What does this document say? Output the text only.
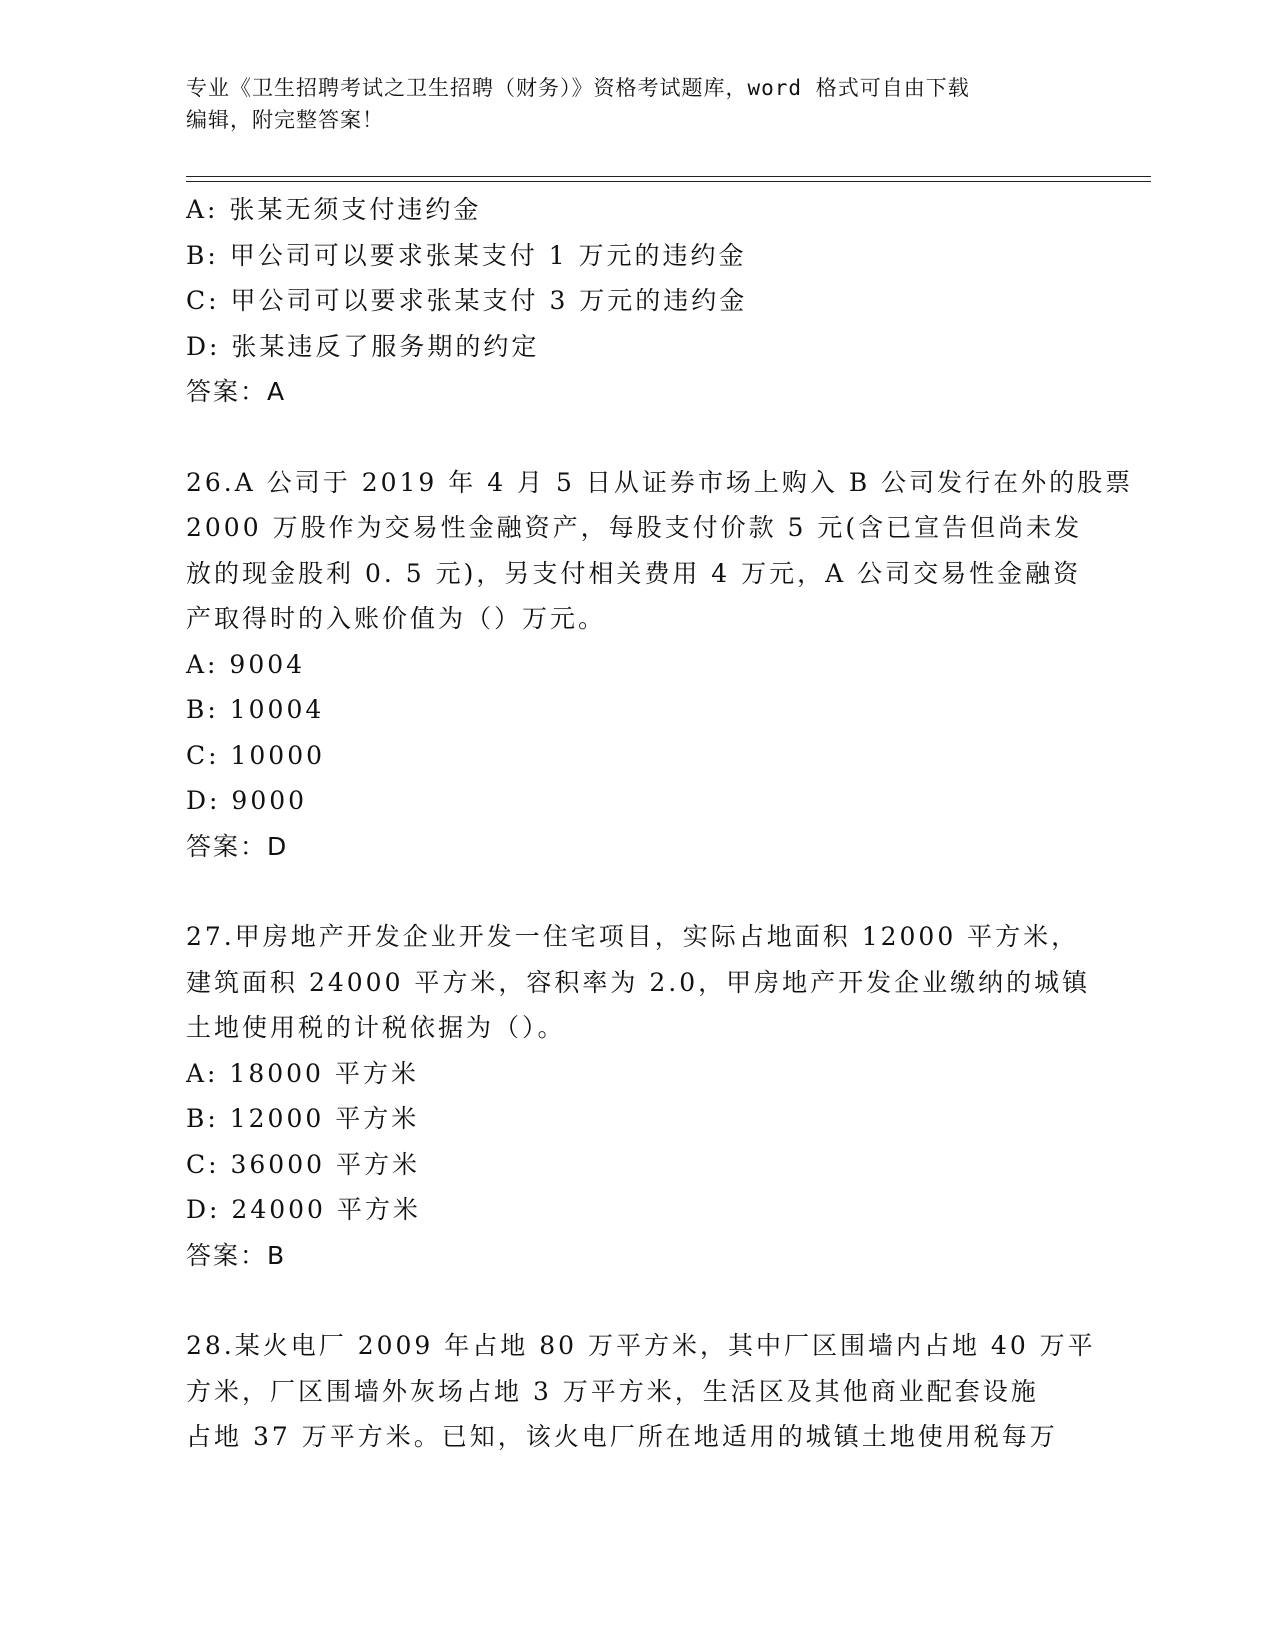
专业《卫生招聘考试之卫生招聘（财务）》资格考试题库，word 格式可自由下载
编辑，附完整答案！
A: 张某无须支付违约金
B: 甲公司可以要求张某支付 1 万元的违约金
C: 甲公司可以要求张某支付 3 万元的违约金
D: 张某违反了服务期的约定
答案：A
26.A 公司于 2019 年 4 月 5 日从证券市场上购入 B 公司发行在外的股票
2000 万股作为交易性金融资产，每股支付价款 5 元(含已宣告但尚未发
放的现金股利 0. 5 元)，另支付相关费用 4 万元，A 公司交易性金融资
产取得时的入账价值为（）万元。
A: 9004
B: 10004
C: 10000
D: 9000
答案：D
27.甲房地产开发企业开发一住宅项目，实际占地面积 12000 平方米，
建筑面积 24000 平方米，容积率为 2.0，甲房地产开发企业缴纳的城镇
土地使用税的计税依据为（）。
A: 18000 平方米
B: 12000 平方米
C: 36000 平方米
D: 24000 平方米
答案：B
28.某火电厂 2009 年占地 80 万平方米，其中厂区围墙内占地 40 万平
方米，厂区围墙外灰场占地 3 万平方米，生活区及其他商业配套设施
占地 37 万平方米。已知，该火电厂所在地适用的城镇土地使用税每万
